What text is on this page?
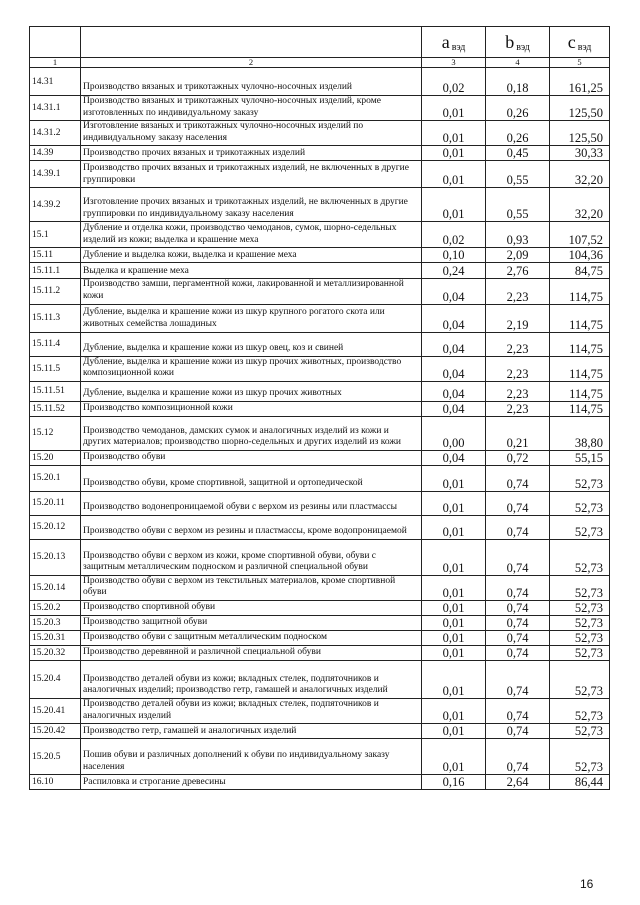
		a $_{вэд}$	b $_{вэд}$	с $_{вэд}$
1	2	3	4	5
14.31	Производство вязаных и трикотажных чулочно-носочных изделий	0,02	0,18	161,25
14.31.1	Производство вязаных и трикотажных чулочно-носочных изделий, кроме изготовленных по индивидуальному заказу	0,01	0,26	125,50
14.31.2	Изготовление вязаных и трикотажных чулочно-носочных изделий по индивидуальному заказу населения	0,01	0,26	125,50
14.39	Производство прочих вязаных и трикотажных изделий	0,01	0,45	30,33
14.39.1	Производство прочих вязаных и трикотажных изделий, не включенных в другие группировки	0,01	0,55	32,20
14.39.2	Изготовление прочих вязаных и трикотажных изделий, не включенных в другие группировки по индивидуальному заказу населения	0,01	0,55	32,20
15.1	Дубление и отделка кожи, производство чемоданов, сумок, шорно-седельных изделий из кожи; выделка и крашение меха	0,02	0,93	107,52
15.11	Дубление и выделка кожи, выделка и крашение меха	0,10	2,09	104,36
15.11.1	Выделка и крашение меха	0,24	2,76	84,75
15.11.2	Производство замши, пергаментной кожи, лакированной и металлизированной кожи	0,04	2,23	114,75
15.11.3	Дубление, выделка и крашение кожи из шкур крупного рогатого скота или животных семейства лошадиных	0,04	2,19	114,75
15.11.4	Дубление, выделка и крашение кожи из шкур овец, коз и свиней	0,04	2,23	114,75
15.11.5	Дубление, выделка и крашение кожи из шкур прочих животных, производство композиционной кожи	0,04	2,23	114,75
15.11.51	Дубление, выделка и крашение кожи из шкур прочих животных	0,04	2,23	114,75
15.11.52	Производство композиционной кожи	0,04	2,23	114,75
15.12	Производство чемоданов, дамских сумок и аналогичных изделий из кожи и других материалов; производство шорно-седельных и других изделий из кожи	0,00	0,21	38,80
15.20	Производство обуви	0,04	0,72	55,15
15.20.1	Производство обуви, кроме спортивной, защитной и ортопедической	0,01	0,74	52,73
15.20.11	Производство водонепроницаемой обуви с верхом из резины или пластмассы	0,01	0,74	52,73
15.20.12	Производство обуви с верхом из резины и пластмассы, кроме водопроницаемой	0,01	0,74	52,73
15.20.13	Производство обуви с верхом из кожи, кроме спортивной обуви, обуви с защитным металлическим подноском и различной специальной обуви	0,01	0,74	52,73
15.20.14	Производство обуви с верхом из текстильных материалов, кроме спортивной обуви	0,01	0,74	52,73
15.20.2	Производство спортивной обуви	0,01	0,74	52,73
15.20.3	Производство защитной обуви	0,01	0,74	52,73
15.20.31	Производство обуви с защитным металлическим подноском	0,01	0,74	52,73
15.20.32	Производство деревянной и различной специальной обуви	0,01	0,74	52,73
15.20.4	Производство деталей обуви из кожи; вкладных стелек, подпяточников и аналогичных изделий; производство гетр, гамашей и аналогичных изделий	0,01	0,74	52,73
15.20.41	Производство деталей обуви из кожи; вкладных стелек, подпяточников и аналогичных изделий	0,01	0,74	52,73
15.20.42	Производство гетр, гамашей и аналогичных изделий	0,01	0,74	52,73
15.20.5	Пошив обуви и различных дополнений к обуви по индивидуальному заказу населения	0,01	0,74	52,73
16.10	Распиловка и строгание древесины	0,16	2,64	86,44
16
